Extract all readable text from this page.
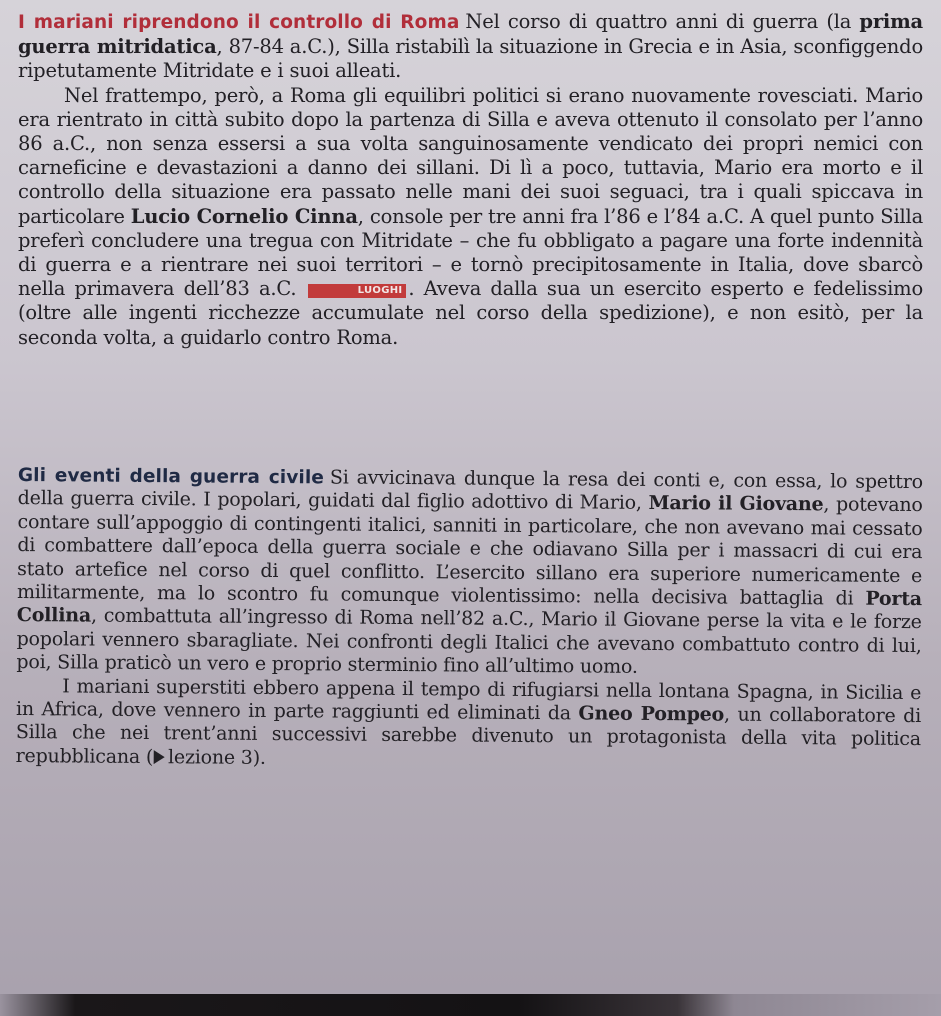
I mariani riprendono il controllo di Roma Nel corso di quattro anni di guerra (la prima guerra mitridatica, 87-84 a.C.), Silla ristabilì la situazione in Grecia e in Asia, sconfiggendo ripetutamente Mitridate e i suoi alleati.

Nel frattempo, però, a Roma gli equilibri politici si erano nuovamente rovesciati. Mario era rientrato in città subito dopo la partenza di Silla e aveva ottenuto il consolato per l’anno 86 a.C., non senza essersi a sua volta sanguinosamente vendicato dei propri nemici con carneficine e devastazioni a danno dei sillani. Di lì a poco, tuttavia, Mario era morto e il controllo della situazione era passato nelle mani dei suoi seguaci, tra i quali spiccava in particolare Lucio Cornelio Cinna, console per tre anni fra l’86 e l’84 a.C. A quel punto Silla preferì concludere una tregua con Mitridate – che fu obbligato a pagare una forte indennità di guerra e a rientrare nei suoi territori – e tornò precipitosamente in Italia, dove sbarcò nella primavera dell’83 a.C.	LUOGHI . Aveva dalla sua un esercito esperto e fedelissimo (oltre alle ingenti ricchezze accumulate nel corso della spedizione), e non esitò, per la seconda volta, a guidarlo contro Roma.

Gli eventi della guerra civile Si avvicinava dunque la resa dei conti e, con essa, lo spettro della guerra civile. I popolari, guidati dal figlio adottivo di Mario, Mario il Giovane, potevano contare sull’appoggio di contingenti italici, sanniti in particolare, che non avevano mai cessato di combattere dall’epoca della guerra sociale e che odiavano Silla per i massacri di cui era stato artefice nel corso di quel conflitto. L’esercito sillano era superiore numericamente e militarmente, ma lo scontro fu comunque violentissimo: nella decisiva battaglia di Porta Collina, combattuta all’ingresso di Roma nell’82 a.C., Mario il Giovane perse la vita e le forze popolari vennero sbaragliate. Nei confronti degli Italici che avevano combattuto contro di lui, poi, Silla praticò un vero e proprio sterminio fino all’ultimo uomo.

I mariani superstiti ebbero appena il tempo di rifugiarsi nella lontana Spagna, in Sicilia e in Africa, dove vennero in parte raggiunti ed eliminati da Gneo Pompeo, un collaboratore di Silla che nei trent’anni successivi sarebbe divenuto un protagonista della vita politica repubblicana ( lezione 3).
